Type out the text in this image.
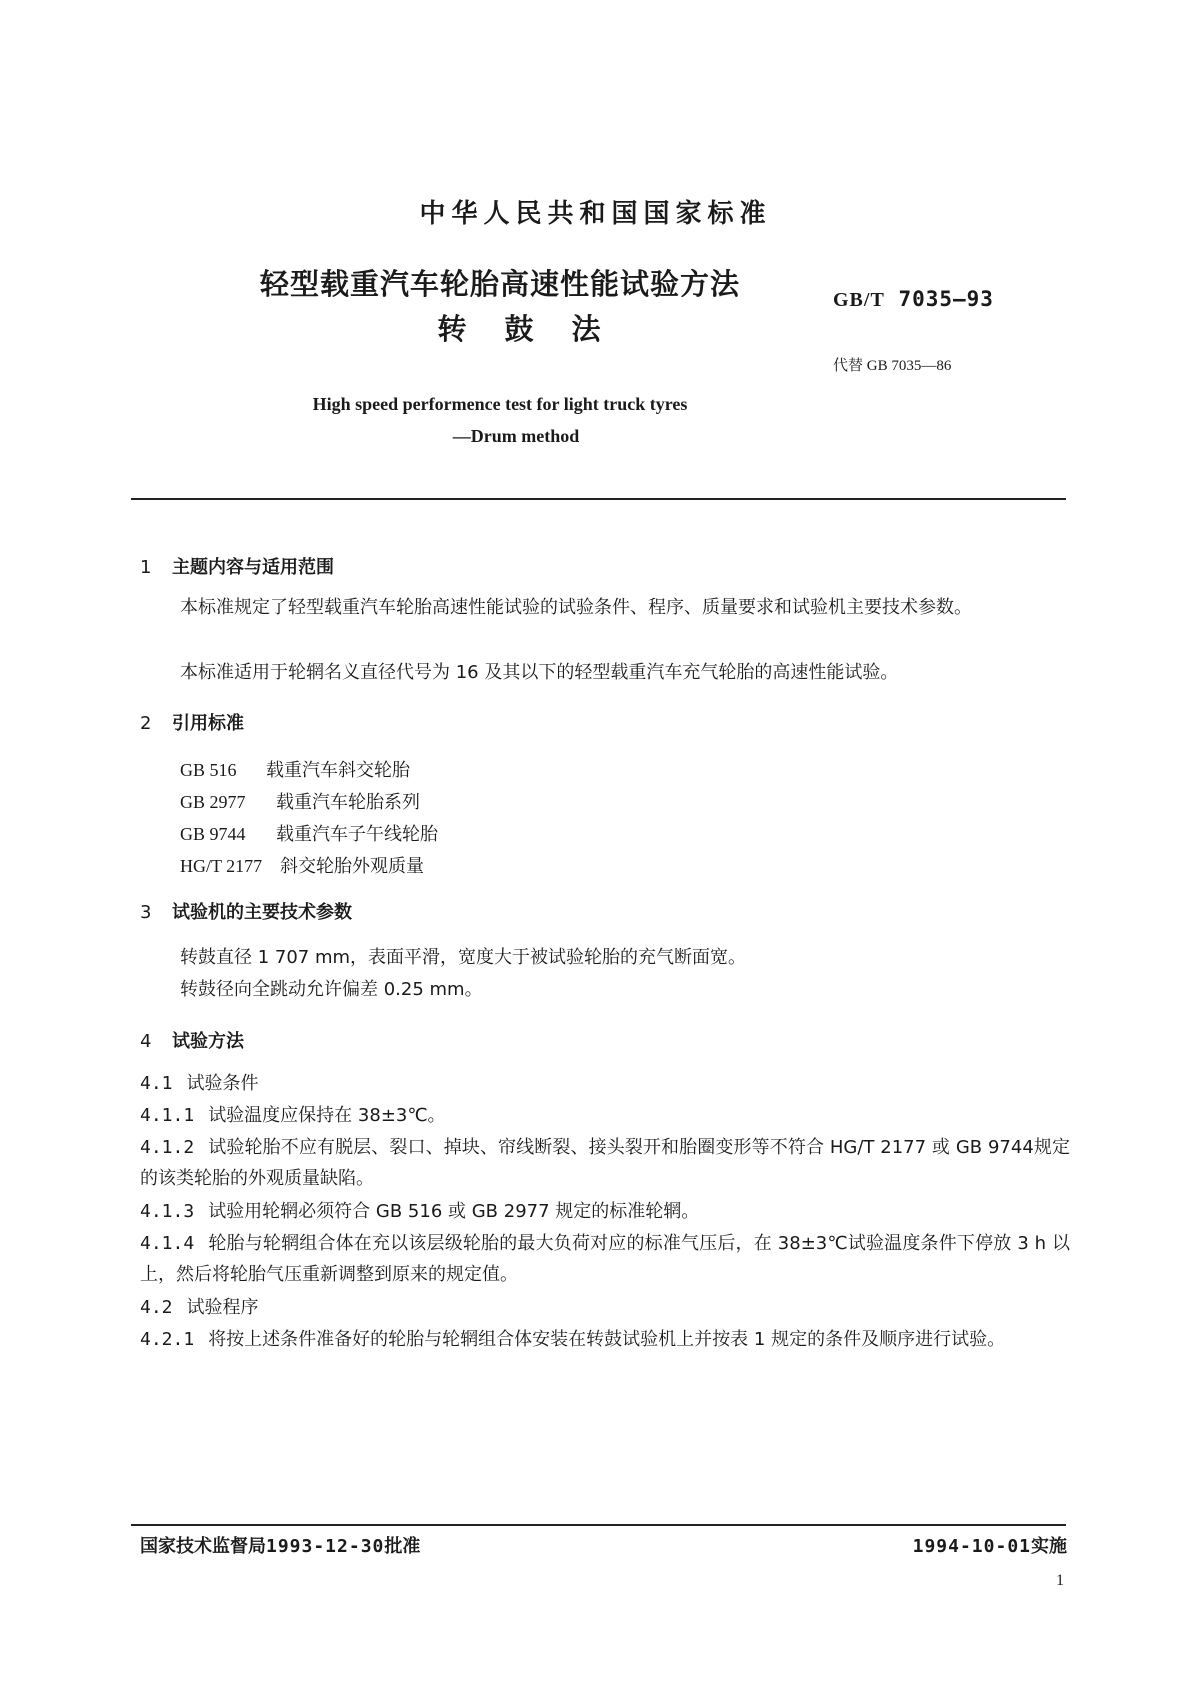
中华人民共和国国家标准
轻型载重汽车轮胎高速性能试验方法
转鼓法
GB/T 7035—93
代替 GB 7035—86
High speed performence test for light truck tyres
—Drum method
1 主题内容与适用范围
本标准规定了轻型载重汽车轮胎高速性能试验的试验条件、程序、质量要求和试验机主要技术参数。
本标准适用于轮辋名义直径代号为 16 及其以下的轻型载重汽车充气轮胎的高速性能试验。
2 引用标准
GB 516 载重汽车斜交轮胎
GB 2977 载重汽车轮胎系列
GB 9744 载重汽车子午线轮胎
HG/T 2177 斜交轮胎外观质量
3 试验机的主要技术参数
转鼓直径 1 707 mm，表面平滑，宽度大于被试验轮胎的充气断面宽。
转鼓径向全跳动允许偏差 0.25 mm。
4 试验方法
4.1 试验条件
4.1.1 试验温度应保持在 38±3℃。
4.1.2 试验轮胎不应有脱层、裂口、掉块、帘线断裂、接头裂开和胎圈变形等不符合 HG/T 2177 或 GB 9744规定的该类轮胎的外观质量缺陷。
4.1.3 试验用轮辋必须符合 GB 516 或 GB 2977 规定的标准轮辋。
4.1.4 轮胎与轮辋组合体在充以该层级轮胎的最大负荷对应的标准气压后，在 38±3℃试验温度条件下停放 3 h 以上，然后将轮胎气压重新调整到原来的规定值。
4.2 试验程序
4.2.1 将按上述条件准备好的轮胎与轮辋组合体安装在转鼓试验机上并按表 1 规定的条件及顺序进行试验。
国家技术监督局1993-12-30批准	1994-10-01实施
1
